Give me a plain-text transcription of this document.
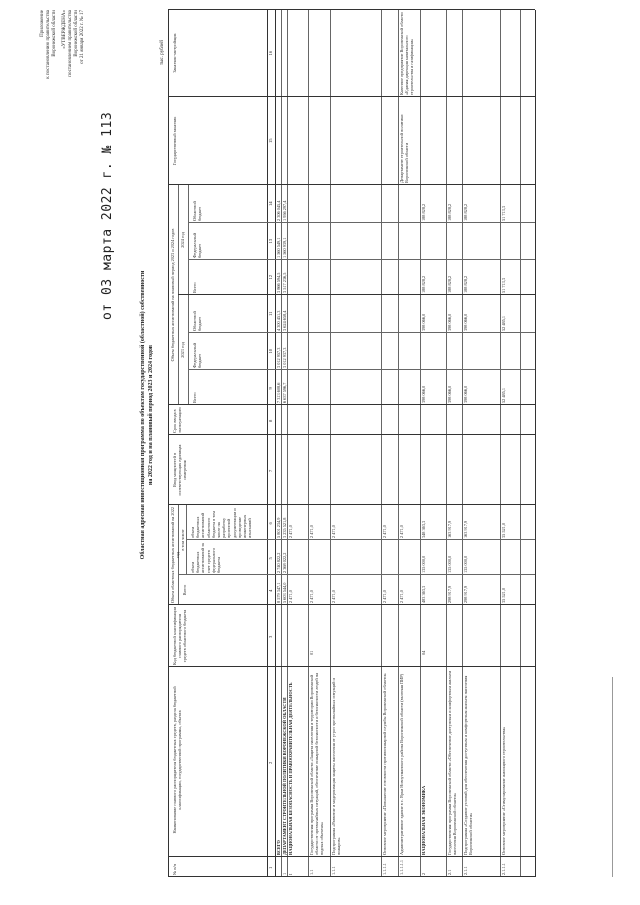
Приложение к постановлению правительства Воронежской области «УТВЕРЖДЕНА» постановлением правительства Воронежской области от 21 января 2022 г. № 17
от 03 марта 2022 г. № 113
Областная адресная инвестиционная программа по объектам государственной (областной) собственности на 2022 год и на плановый период 2023 и 2024 годов
тыс. рублей
№ п/п
Наименование главного распорядителя бюджетных средств, раздела бюджетной классификации, государственной программы, объекта
Код бюджетной классификации главного распорядителя средств областного бюджета
Объем областных бюджетных ассигнований на 2022 год
Всего
в том числе
объем бюджетных ассигнований за счет средств федерального бюджета
объем бюджетных ассигнований областного бюджета в том числе на разработку проектной документации и проведение инженерных изысканий
Ввод мощностей в соответствующих единицах измерения
Срок ввода в эксплуатацию
Объем бюджетных ассигнований на плановый период 2023 и 2024 годов 2023 год
2024 год
Всего
Федеральный бюджет
Областной бюджет
Всего
Федеральный бюджет
Областной бюджет
Государственный заказчик
Заказчик-застройщик
1
2
3
4
5
6
7
8
9
10
11
12
13
14
15
16
ВСЕГО
8 579 347,1
2 740 822,2
5 801 234,9
7 313 608,6
3 012 957,3
4 300 451,3
3 866 594,5
1 560 549,1
2 306 045,4
1
ДЕПАРТАМЕНТ СТРОИТЕЛЬНОЙ ПОЛИТИКИ ВОРОНЕЖСКОЙ ОБЛАСТИ
5 603 544,0
2 368 022,2
3 235 521,8
6 637 596,7
3 012 937,3
3 624 658,4
3 517 236,5
1 560 939,1
1 956 297,4
I
НАЦИОНАЛЬНАЯ БЕЗОПАСНОСТЬ И ПРАВООХРАНИТЕЛЬНАЯ ДЕЯТЕЛЬНОСТЬ
2 471,0
2 471,0
1.1
Государственная программа Воронежской области «Защита населения и территории Воронежской области от чрезвычайных ситуаций, обеспечение пожарной безопасности и безопасности людей на водных объектах»
01
2 471,0
2 471,0
1.1.1
Подпрограмма «Развитие и модернизация защиты населения от угроз чрезвычайных ситуаций и пожаров»
2 471,0
2 471,0
1.1.1.1
Основное мероприятие «Повышение готовности противопожарной службы Воронежской области»
2 471,0
2 471,0
1.1.1.1.1
Административное здание в с. Ярки Новоусманского района Воронежской области (включая ПИР)
2 471,0
2 471,0
Департамент строительной политики Воронежской области
Казенное предприятие Воронежской области «Единая дирекция капитального строительства и газификации»
2
НАЦИОНАЛЬНАЯ ЭКОНОМИКА
04
483 363,3
135 000,0
348 363,3
398 066,0
398 066,0
188 828,2
188 828,2
2.1
Государственная программа Воронежской области «Обеспечение доступным и комфортным жильем населения Воронежской области»
298 917,9
135 000,0
163 917,9
398 066,0
398 066,0
188 828,2
188 828,2
2.1.1
Подпрограмма «Создание условий для обеспечения доступным и комфортным жильем населения Воронежской области»
298 917,9
135 000,0
163 917,9
398 066,0
398 066,0
188 828,2
188 828,2
2.1.1.1
Основное мероприятие «Стимулирование жилищного строительства»
35 521,0
35 521,0
52 485,1
52 485,1
51 713,3
51 713,3
